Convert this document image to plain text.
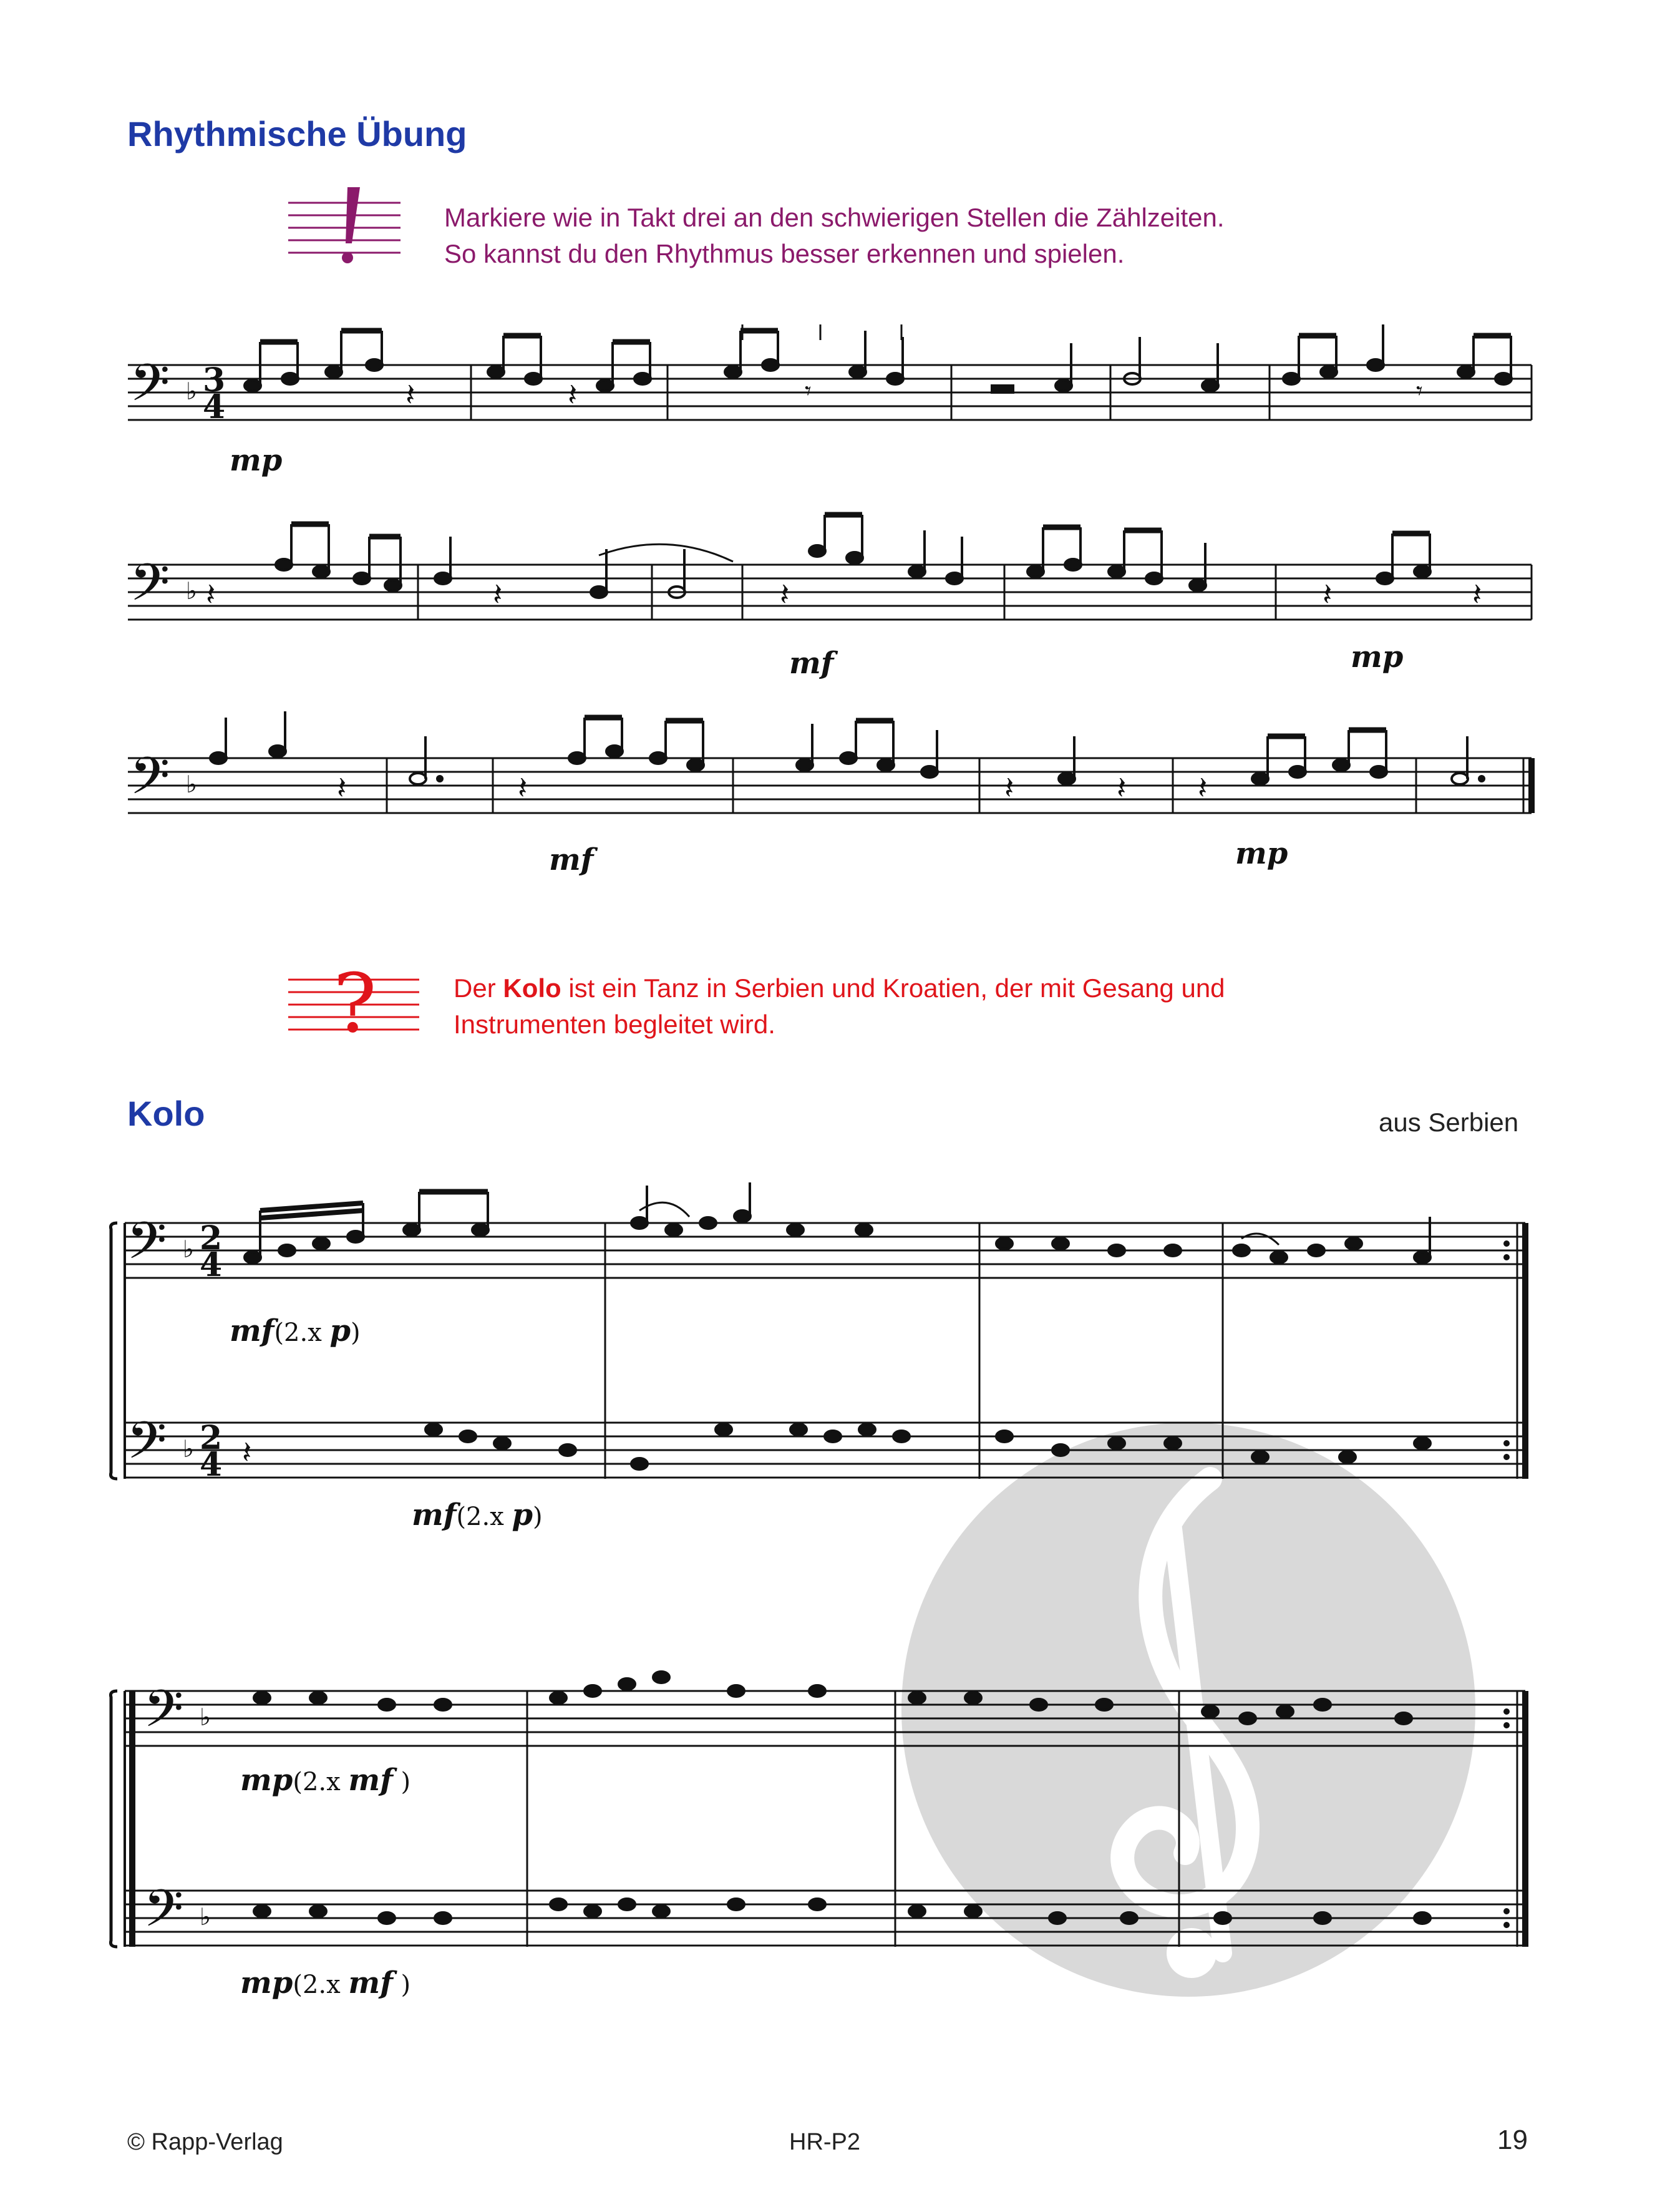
Rhythmische Übung
Markiere wie in Takt drei an den schwierigen Stellen die Zählzeiten.
So kannst du den Rhythmus besser erkennen und spielen.
𝄢 ♭ 3
4	𝄽	𝄽	𝄾	𝄾
𝄢 ♭ 𝄽	𝄽	𝄽	𝄽	𝄽
𝄢 ♭	𝄽	𝄽	𝄽	𝄽 𝄽
mp
mf	mp
mf	mp
?	Der Kolo ist ein Tanz in Serbien und Kroatien, der mit Gesang und
Instrumenten begleitet wird.
Kolo	aus Serbien
𝄢 ♭ 2
4
𝄢 ♭ 2
4 𝄽
𝄢 ♭
𝄢 ♭
mf(2.x p)
mf(2.x p)
mp(2.x mf )
mp(2.x mf )
© Rapp-Verlag	HR-P2	19
